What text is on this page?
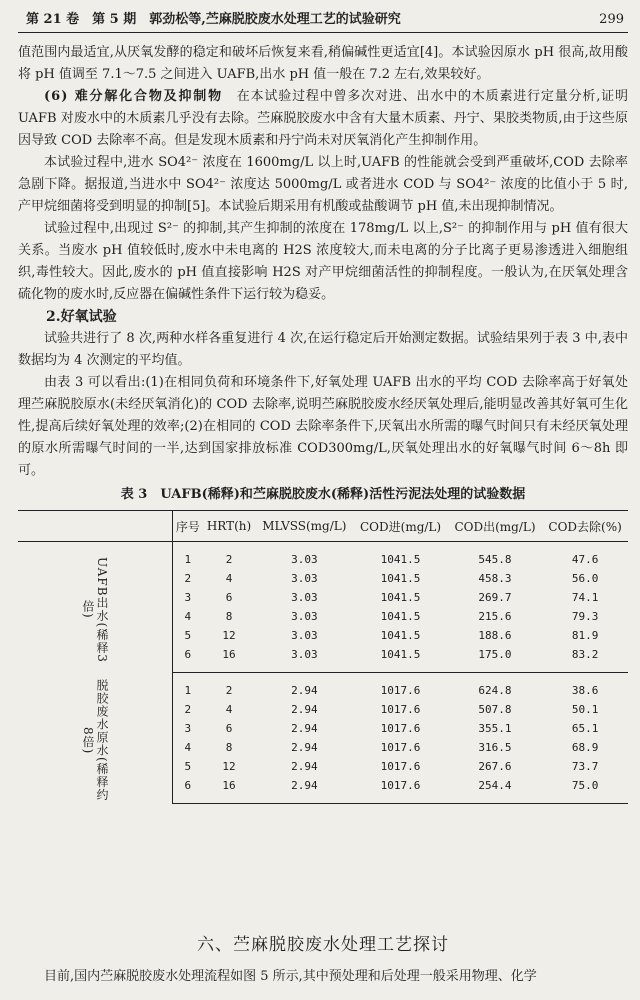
第 21 卷　第 5 期　郭劲松等,苎麻脱胶废水处理工艺的试验研究	299

值范围内最适宜,从厌氧发酵的稳定和破坏后恢复来看,稍偏碱性更适宜[4]。本试验因原水 pH 很高,故用酸将 pH 值调至 7.1～7.5 之间进入 UAFB,出水 pH 值一般在 7.2 左右,效果较好。

(6) 难分解化合物及抑制物　在本试验过程中曾多次对进、出水中的木质素进行定量分析,证明 UAFB 对废水中的木质素几乎没有去除。苎麻脱胶废水中含有大量木质素、丹宁、果胶类物质,由于这些原因导致 COD 去除率不高。但是发现木质素和丹宁尚未对厌氧消化产生抑制作用。

本试验过程中,进水 SO4²⁻ 浓度在 1600mg/L 以上时,UAFB 的性能就会受到严重破坏,COD 去除率急剧下降。据报道,当进水中 SO4²⁻ 浓度达 5000mg/L 或者进水 COD 与 SO4²⁻ 浓度的比值小于 5 时,产甲烷细菌将受到明显的抑制[5]。本试验后期采用有机酸或盐酸调节 pH 值,未出现抑制情况。

试验过程中,出现过 S²⁻ 的抑制,其产生抑制的浓度在 178mg/L 以上,S²⁻ 的抑制作用与 pH 值有很大关系。当废水 pH 值较低时,废水中未电离的 H2S 浓度较大,而未电离的分子比离子更易渗透进入细胞组织,毒性较大。因此,废水的 pH 值直接影响 H2S 对产甲烷细菌活性的抑制程度。一般认为,在厌氧处理含硫化物的废水时,反应器在偏碱性条件下运行较为稳妥。

2.好氧试验

试验共进行了 8 次,两种水样各重复进行 4 次,在运行稳定后开始测定数据。试验结果列于表 3 中,表中数据均为 4 次测定的平均值。

由表 3 可以看出:(1)在相同负荷和环境条件下,好氧处理 UAFB 出水的平均 COD 去除率高于好氧处理苎麻脱胶原水(未经厌氧消化)的 COD 去除率,说明苎麻脱胶废水经厌氧处理后,能明显改善其好氧可生化性,提高后续好氧处理的效率;(2)在相同的 COD 去除率条件下,厌氧出水所需的曝气时间只有未经厌氧处理的原水所需曝气时间的一半,达到国家排放标准 COD300mg/L,厌氧处理出水的好氧曝气时间 6～8h 即可。

表 3　UAFB(稀释)和苎麻脱胶废水(稀释)活性污泥法处理的试验数据
	序号	HRT(h)	MLVSS(mg/L)	COD进(mg/L)	COD出(mg/L)	COD去除(%)
UAFB出水(稀释3倍)	1	2	3.03	1041.5	545.8	47.6
	2	4	3.03	1041.5	458.3	56.0
	3	6	3.03	1041.5	269.7	74.1
	4	8	3.03	1041.5	215.6	79.3
	5	12	3.03	1041.5	188.6	81.9
	6	16	3.03	1041.5	175.0	83.2
脱胶废水原水(稀释约8倍)	1	2	2.94	1017.6	624.8	38.6
	2	4	2.94	1017.6	507.8	50.1
	3	6	2.94	1017.6	355.1	65.1
	4	8	2.94	1017.6	316.5	68.9
	5	12	2.94	1017.6	267.6	73.7
	6	16	2.94	1017.6	254.4	75.0
六、苎麻脱胶废水处理工艺探讨
目前,国内苎麻脱胶废水处理流程如图 5 所示,其中预处理和后处理一般采用物理、化学
